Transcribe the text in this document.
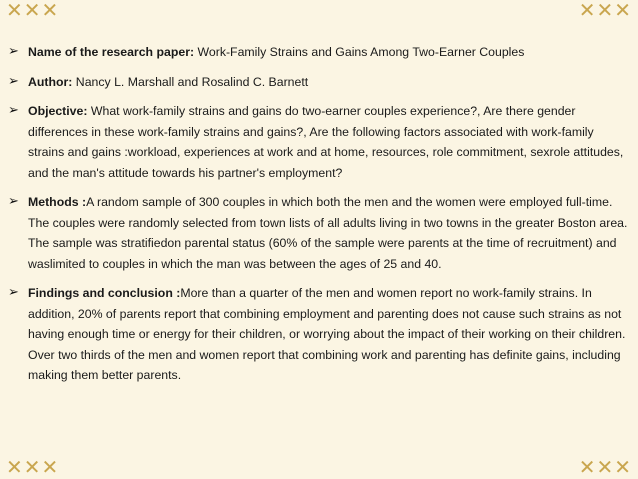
✕✕✕	✕✕✕
✕✕✕	✕✕✕
➢ Name of the research paper: Work-Family Strains and Gains Among Two-Earner Couples
➢ Author: Nancy L. Marshall and Rosalind C. Barnett
➢ Objective: What work-family strains and gains do two-earner couples experience?, Are there gender differences in these work-family strains and gains?, Are the following factors associated with work-family strains and gains :workload, experiences at work and at home, resources, role commitment, sexrole attitudes, and the man's attitude towards his partner's employment?
➢ Methods :A random sample of 300 couples in which both the men and the women were employed full-time. The couples were randomly selected from town lists of all adults living in two towns in the greater Boston area. The sample was stratifiedon parental status (60% of the sample were parents at the time of recruitment) and waslimited to couples in which the man was between the ages of 25 and 40.
➢ Findings and conclusion :More than a quarter of the men and women report no work-family strains. In addition, 20% of parents report that combining employment and parenting does not cause such strains as not having enough time or energy for their children, or worrying about the impact of their working on their children. Over two thirds of the men and women report that combining work and parenting has definite gains, including making them better parents.
